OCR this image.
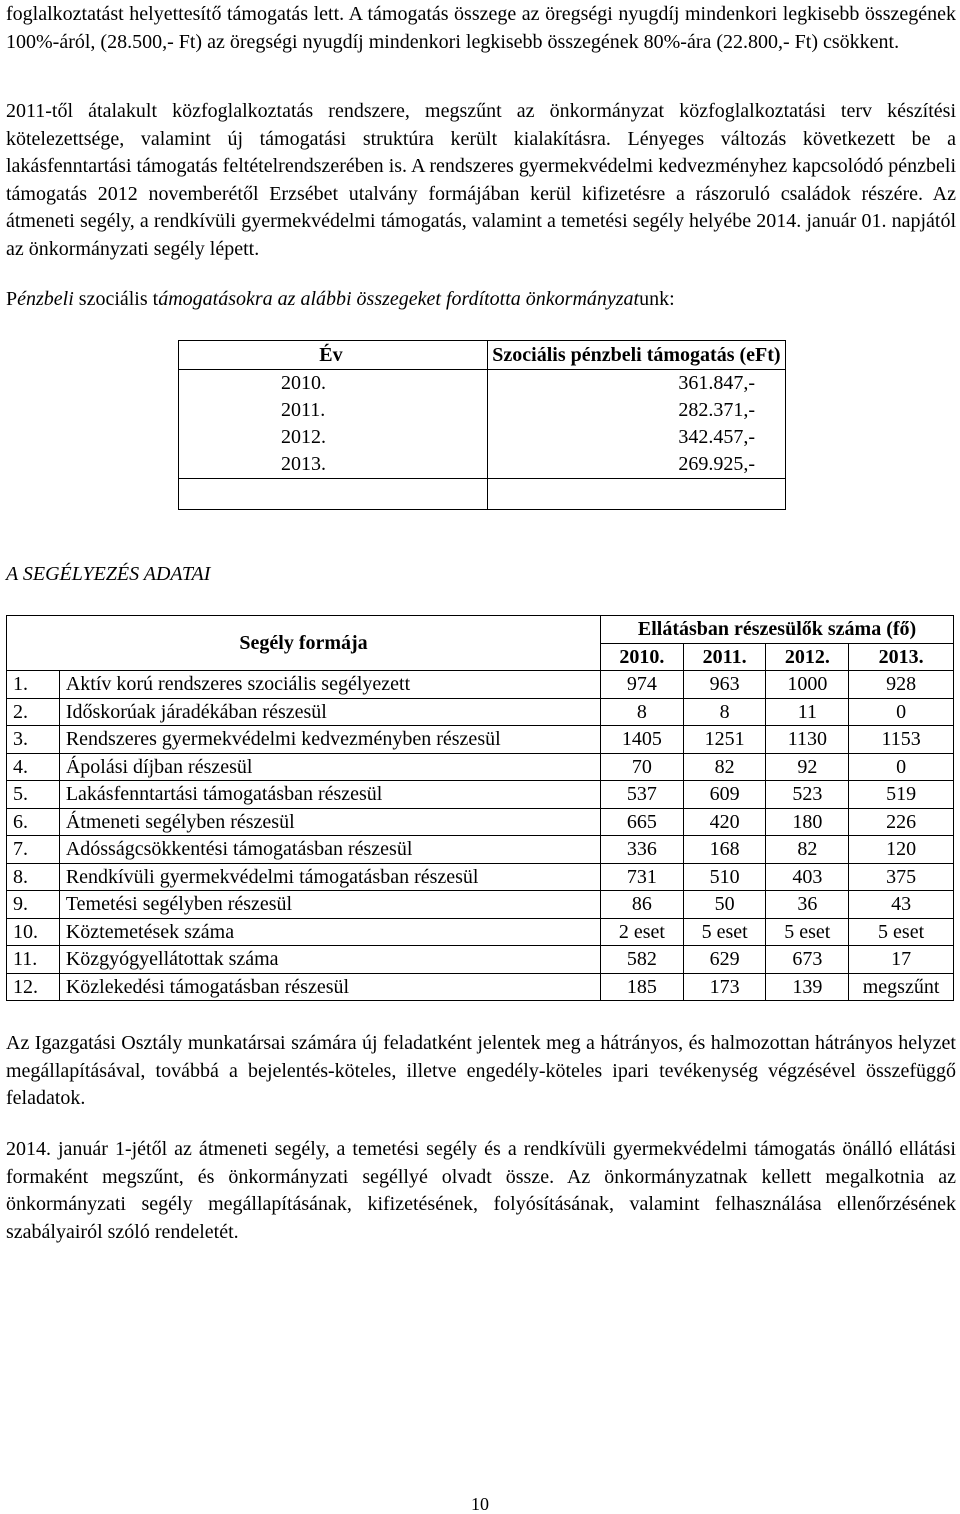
foglalkoztatást helyettesítő támogatás lett. A támogatás összege az öregségi nyugdíj mindenkori legkisebb összegének 100%-áról, (28.500,- Ft) az öregségi nyugdíj mindenkori legkisebb összegének 80%-ára (22.800,- Ft) csökkent.

2011-től átalakult közfoglalkoztatás rendszere, megszűnt az önkormányzat közfoglalkoztatási terv készítési kötelezettsége, valamint új támogatási struktúra került kialakításra. Lényeges változás következett be a lakásfenntartási támogatás feltételrendszerében is. A rendszeres gyermekvédelmi kedvezményhez kapcsolódó pénzbeli támogatás 2012 novemberétől Erzsébet utalvány formájában kerül kifizetésre a rászoruló családok részére. Az átmeneti segély, a rendkívüli gyermekvédelmi támogatás, valamint a temetési segély helyébe 2014. január 01. napjától az önkormányzati segély lépett.

Pénzbeli szociális támogatásokra az alábbi összegeket fordította önkormányzatunk:

Év	Szociális pénzbeli támogatás (eFt)
2010.	361.847,-
2011.	282.371,-
2012.	342.457,-
2013.	269.925,-

A SEGÉLYEZÉS ADATAI

Segély formája		Ellátásban részesülők száma (fő)			
		2010.	2011.	2012.	2013.
1.	Aktív korú rendszeres szociális segélyezett	974	963	1000	928
2.	Időskorúak járadékában részesül	8	8	11	0
3.	Rendszeres gyermekvédelmi kedvezményben részesül	1405	1251	1130	1153
4.	Ápolási díjban részesül	70	82	92	0
5.	Lakásfenntartási támogatásban részesül	537	609	523	519
6.	Átmeneti segélyben részesül	665	420	180	226
7.	Adósságcsökkentési támogatásban részesül	336	168	82	120
8.	Rendkívüli gyermekvédelmi támogatásban részesül	731	510	403	375
9.	Temetési segélyben részesül	86	50	36	43
10.	Köztemetések száma	2 eset	5 eset	5 eset	5 eset
11.	Közgyógyellátottak száma	582	629	673	17
12.	Közlekedési támogatásban részesül	185	173	139	megszűnt

Az Igazgatási Osztály munkatársai számára új feladatként jelentek meg a hátrányos, és halmozottan hátrányos helyzet megállapításával, továbbá a bejelentés-köteles, illetve engedély-köteles ipari tevékenység végzésével összefüggő feladatok.

2014. január 1-jétől az átmeneti segély, a temetési segély és a rendkívüli gyermekvédelmi támogatás önálló ellátási formaként megszűnt, és önkormányzati segéllyé olvadt össze. Az önkormányzatnak kellett megalkotnia az önkormányzati segély megállapításának, kifizetésének, folyósításának, valamint felhasználása ellenőrzésének szabályairól szóló rendeletét.

10
